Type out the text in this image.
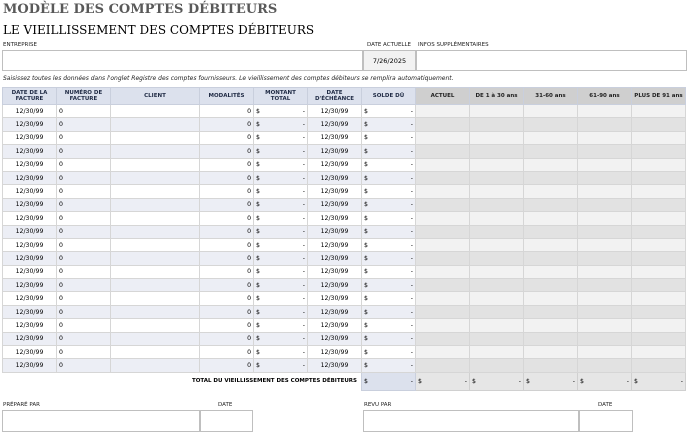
MODÈLE DES COMPTES DÉBITEURS
LE VIEILLISSEMENT DES COMPTES DÉBITEURS
ENTREPRISE	DATE ACTUELLE
7/26/2025
INFOS SUPPLÉMENTAIRES
Saisissez toutes les données dans l'onglet Registre des comptes fournisseurs. Le vieillissement des comptes débiteurs se remplira automatiquement.
DATE DE LA FACTURE	NUMÉRO DE FACTURE	CLIENT	MODALITÉS	MONTANT TOTAL	DATE D'ÉCHÉANCE	SOLDE DÛ	ACTUEL	DE 1 à 30 ans	31-60 ans	61-90 ans	PLUS DE 91 ans
12/30/99	0		0	$ -	12/30/99	$ -					

12/30/99	0		0	$ -	12/30/99	$ -					

12/30/99	0		0	$ -	12/30/99	$ -					

12/30/99	0		0	$ -	12/30/99	$ -					

12/30/99	0		0	$ -	12/30/99	$ -					

12/30/99	0		0	$ -	12/30/99	$ -					

12/30/99	0		0	$ -	12/30/99	$ -					

12/30/99	0		0	$ -	12/30/99	$ -					

12/30/99	0		0	$ -	12/30/99	$ -					

12/30/99	0		0	$ -	12/30/99	$ -					

12/30/99	0		0	$ -	12/30/99	$ -					

12/30/99	0		0	$ -	12/30/99	$ -					

12/30/99	0		0	$ -	12/30/99	$ -					

12/30/99	0		0	$ -	12/30/99	$ -					

12/30/99	0		0	$ -	12/30/99	$ -					

12/30/99	0		0	$ -	12/30/99	$ -					

12/30/99	0		0	$ -	12/30/99	$ -					

12/30/99	0		0	$ -	12/30/99	$ -					

12/30/99	0		0	$ -	12/30/99	$ -					

12/30/99	0		0	$ -	12/30/99	$ -					

TOTAL DU VIEILLISSEMENT DES COMPTES DÉBITEURS						$ -	$ -	$ -	$ -	$ -	$ -
PRÉPARÉ PAR	DATE	REVU PAR	DATE
